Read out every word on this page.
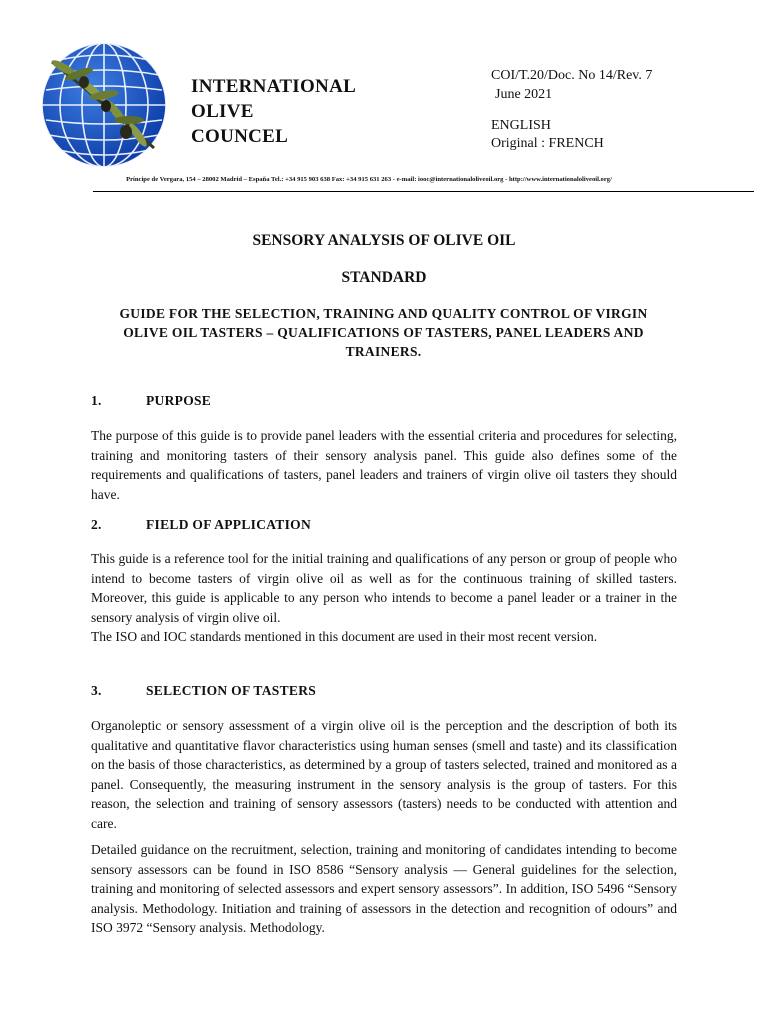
INTERNATIONAL
OLIVE
COUNCEL
COI/T.20/Doc. No 14/Rev. 7
June 2021
ENGLISH
Original : FRENCH
Príncipe de Vergara, 154 – 28002 Madrid – España Tel.: +34 915 903 638 Fax: +34 915 631 263 - e-mail: iooc@internationaloliveoil.org - http://www.internationaloliveoil.org/
SENSORY ANALYSIS OF OLIVE OIL
STANDARD
GUIDE FOR THE SELECTION, TRAINING AND QUALITY CONTROL OF VIRGIN OLIVE OIL TASTERS – QUALIFICATIONS OF TASTERS, PANEL LEADERS AND TRAINERS.
1.	PURPOSE
The purpose of this guide is to provide panel leaders with the essential criteria and procedures for selecting, training and monitoring tasters of their sensory analysis panel. This guide also defines some of the requirements and qualifications of tasters, panel leaders and trainers of virgin olive oil tasters they should have.
2.	FIELD OF APPLICATION
This guide is a reference tool for the initial training and qualifications of any person or group of people who intend to become tasters of virgin olive oil as well as for the continuous training of skilled tasters. Moreover, this guide is applicable to any person who intends to become a panel leader or a trainer in the sensory analysis of virgin olive oil.
The ISO and IOC standards mentioned in this document are used in their most recent version.
3.	SELECTION OF TASTERS
Organoleptic or sensory assessment of a virgin olive oil is the perception and the description of both its qualitative and quantitative flavor characteristics using human senses (smell and taste) and its classification on the basis of those characteristics, as determined by a group of tasters selected, trained and monitored as a panel. Consequently, the measuring instrument in the sensory analysis is the group of tasters. For this reason, the selection and training of sensory assessors (tasters) needs to be conducted with attention and care.
Detailed guidance on the recruitment, selection, training and monitoring of candidates intending to become sensory assessors can be found in ISO 8586 “Sensory analysis — General guidelines for the selection, training and monitoring of selected assessors and expert sensory assessors”. In addition, ISO 5496 “Sensory analysis. Methodology. Initiation and training of assessors in the detection and recognition of odours” and ISO 3972 “Sensory analysis. Methodology.
